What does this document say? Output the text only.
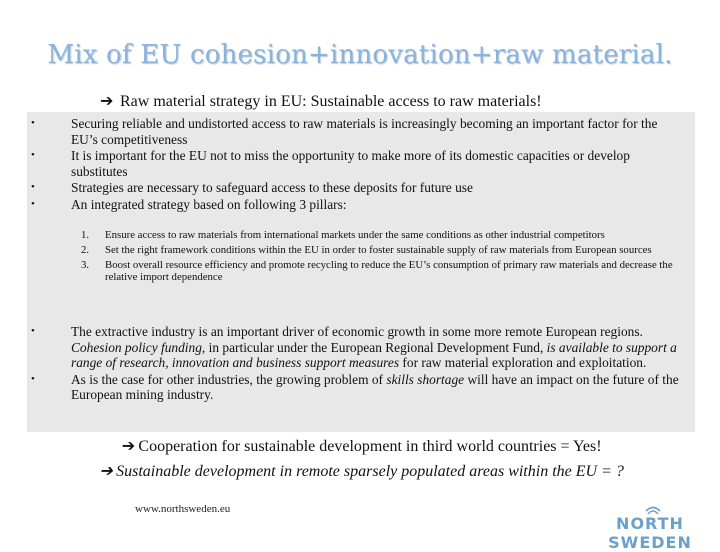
Mix of EU cohesion+innovation+raw material.
➔ Raw material strategy in EU: Sustainable access to raw materials!
•	Securing reliable and undistorted access to raw materials is increasingly becoming an important factor for the EU’s competitiveness
•	It is important for the EU not to miss the opportunity to make more of its domestic capacities or develop substitutes
•	Strategies are necessary to safeguard access to these deposits for future use
•	An integrated strategy based on following 3 pillars:
1. Ensure access to raw materials from international markets under the same conditions as other industrial competitors
2. Set the right framework conditions within the EU in order to foster sustainable supply of raw materials from European sources
3. Boost overall resource efficiency and promote recycling to reduce the EU’s consumption of primary raw materials and decrease the relative import dependence
•	The extractive industry is an important driver of economic growth in some more remote European regions. Cohesion policy funding, in particular under the European Regional Development Fund, is available to support a range of research, innovation and business support measures for raw material exploration and exploitation.
•	As is the case for other industries, the growing problem of skills shortage will have an impact on the future of the European mining industry.
➔ Cooperation for sustainable development in third world countries = Yes!
➔ Sustainable development in remote sparsely populated areas within the EU = ?
www.northsweden.eu
NORTH SWEDEN
